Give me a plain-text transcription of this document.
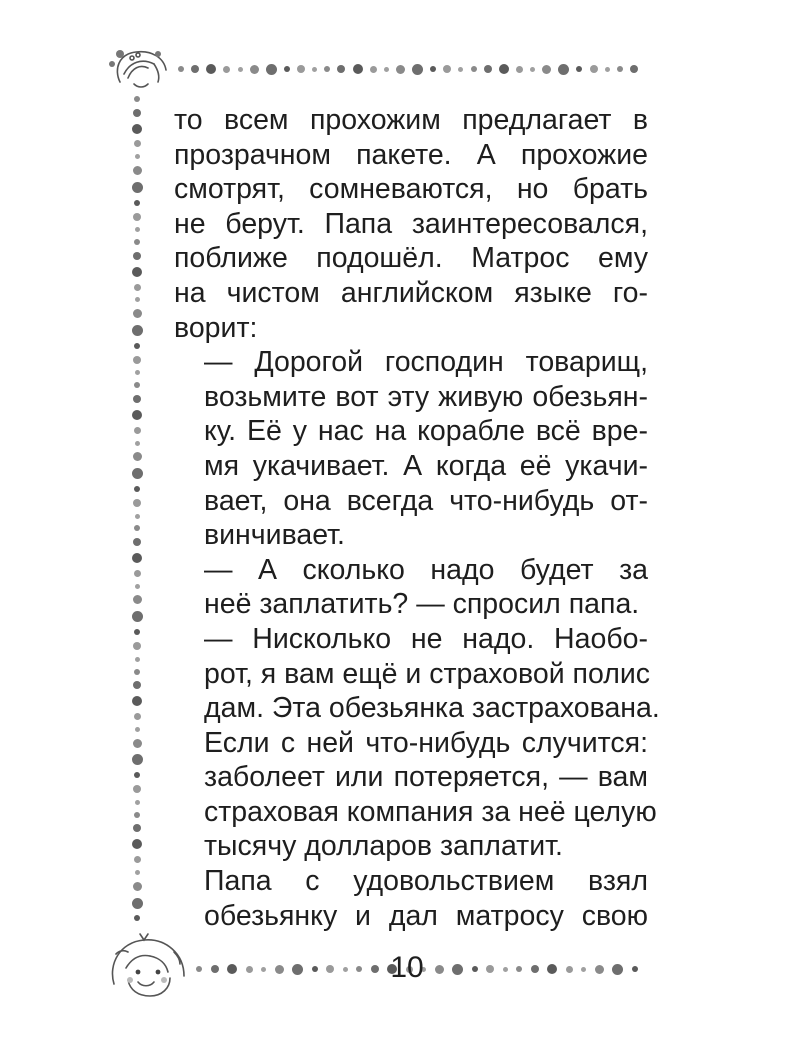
то всем прохожим предлагает в
прозрачном пакете. А прохожие
смотрят, сомневаются, но брать
не берут. Папа заинтересовался,
поближе подошёл. Матрос ему
на чистом английском языке го-
ворит:

— Дорогой господин товарищ,
возьмите вот эту живую обезьян-
ку. Её у нас на корабле всё вре-
мя укачивает. А когда её укачи-
вает, она всегда что-нибудь от-
винчивает.

— А сколько надо будет за
неё заплатить? — спросил папа.

— Нисколько не надо. Наобо-
рот, я вам ещё и страховой полис
дам. Эта обезьянка застрахована.
Если с ней что-нибудь случится:
заболеет или потеряется, — вам
страховая компания за неё целую
тысячу долларов заплатит.

Папа с удовольствием взял
обезьянку и дал матросу свою

10
